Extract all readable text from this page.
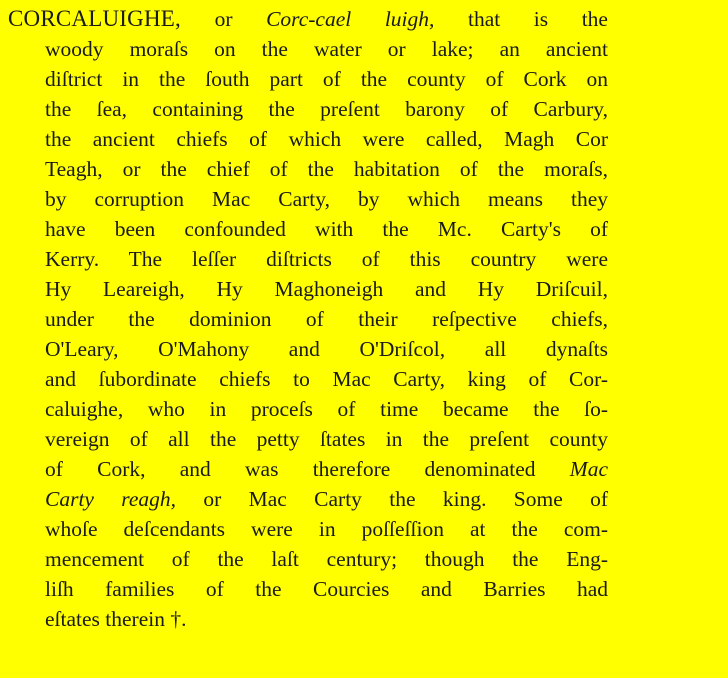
CORCALUIGHE, or Corc-cael luigh, that is the
woody moraſs on the water or lake; an ancient
diſtrict in the ſouth part of the county of Cork on
the ſea, containing the preſent barony of Carbury,
the ancient chiefs of which were called, Magh Cor
Teagh, or the chief of the habitation of the moraſs,
by corruption Mac Carty, by which means they
have been confounded with the Mc. Carty's of
Kerry. The leſſer diſtricts of this country were
Hy Leareigh, Hy Maghoneigh and Hy Driſcuil,
under the dominion of their reſpective chiefs,
O'Leary, O'Mahony and O'Driſcol, all dynaſts
and ſubordinate chiefs to Mac Carty, king of Cor-
caluighe, who in proceſs of time became the ſo-
vereign of all the petty ſtates in the preſent county
of Cork, and was therefore denominated Mac
Carty reagh, or Mac Carty the king. Some of
whoſe deſcendants were in poſſeſſion at the com-
mencement of the laſt century; though the Eng-
liſh families of the Courcies and Barries had
eſtates therein †.
